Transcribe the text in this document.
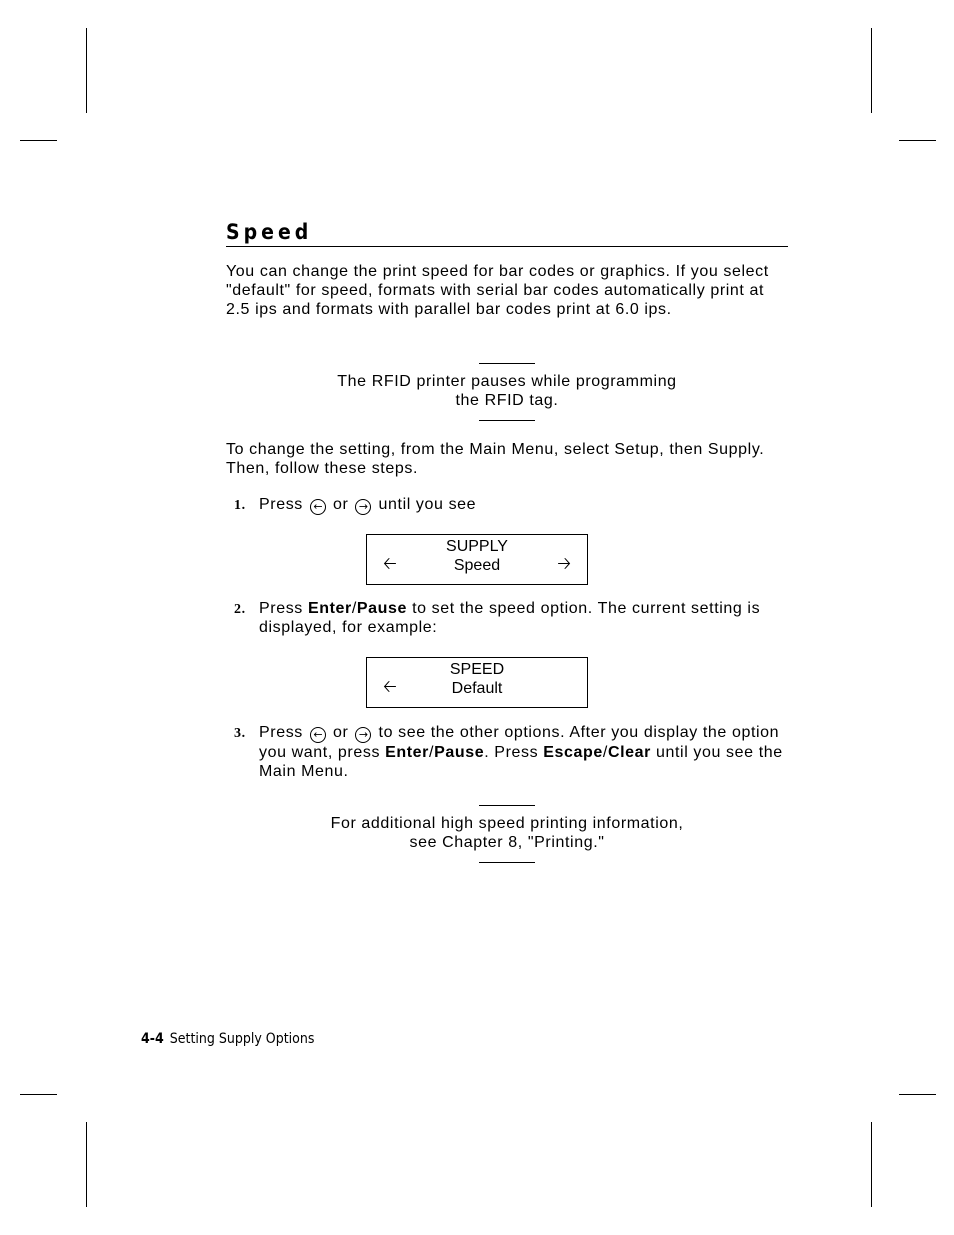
Speed

You can change the print speed for bar codes or graphics. If you select "default" for speed, formats with serial bar codes automatically print at 2.5 ips and formats with parallel bar codes print at 6.0 ips.

The RFID printer pauses while programming
the RFID tag.

To change the setting, from the Main Menu, select Setup, then Supply. Then, follow these steps.

1. Press ← or → until you see
SUPPLY
Speed
🡠	🡢
2. Press Enter/Pause to set the speed option. The current setting is displayed, for example:
SPEED
Default
🡠
3. Press ← or → to see the other options. After you display the option you want, press Enter/Pause. Press Escape/Clear until you see the Main Menu.
For additional high speed printing information,
see Chapter 8, "Printing."
4-4 Setting Supply Options
